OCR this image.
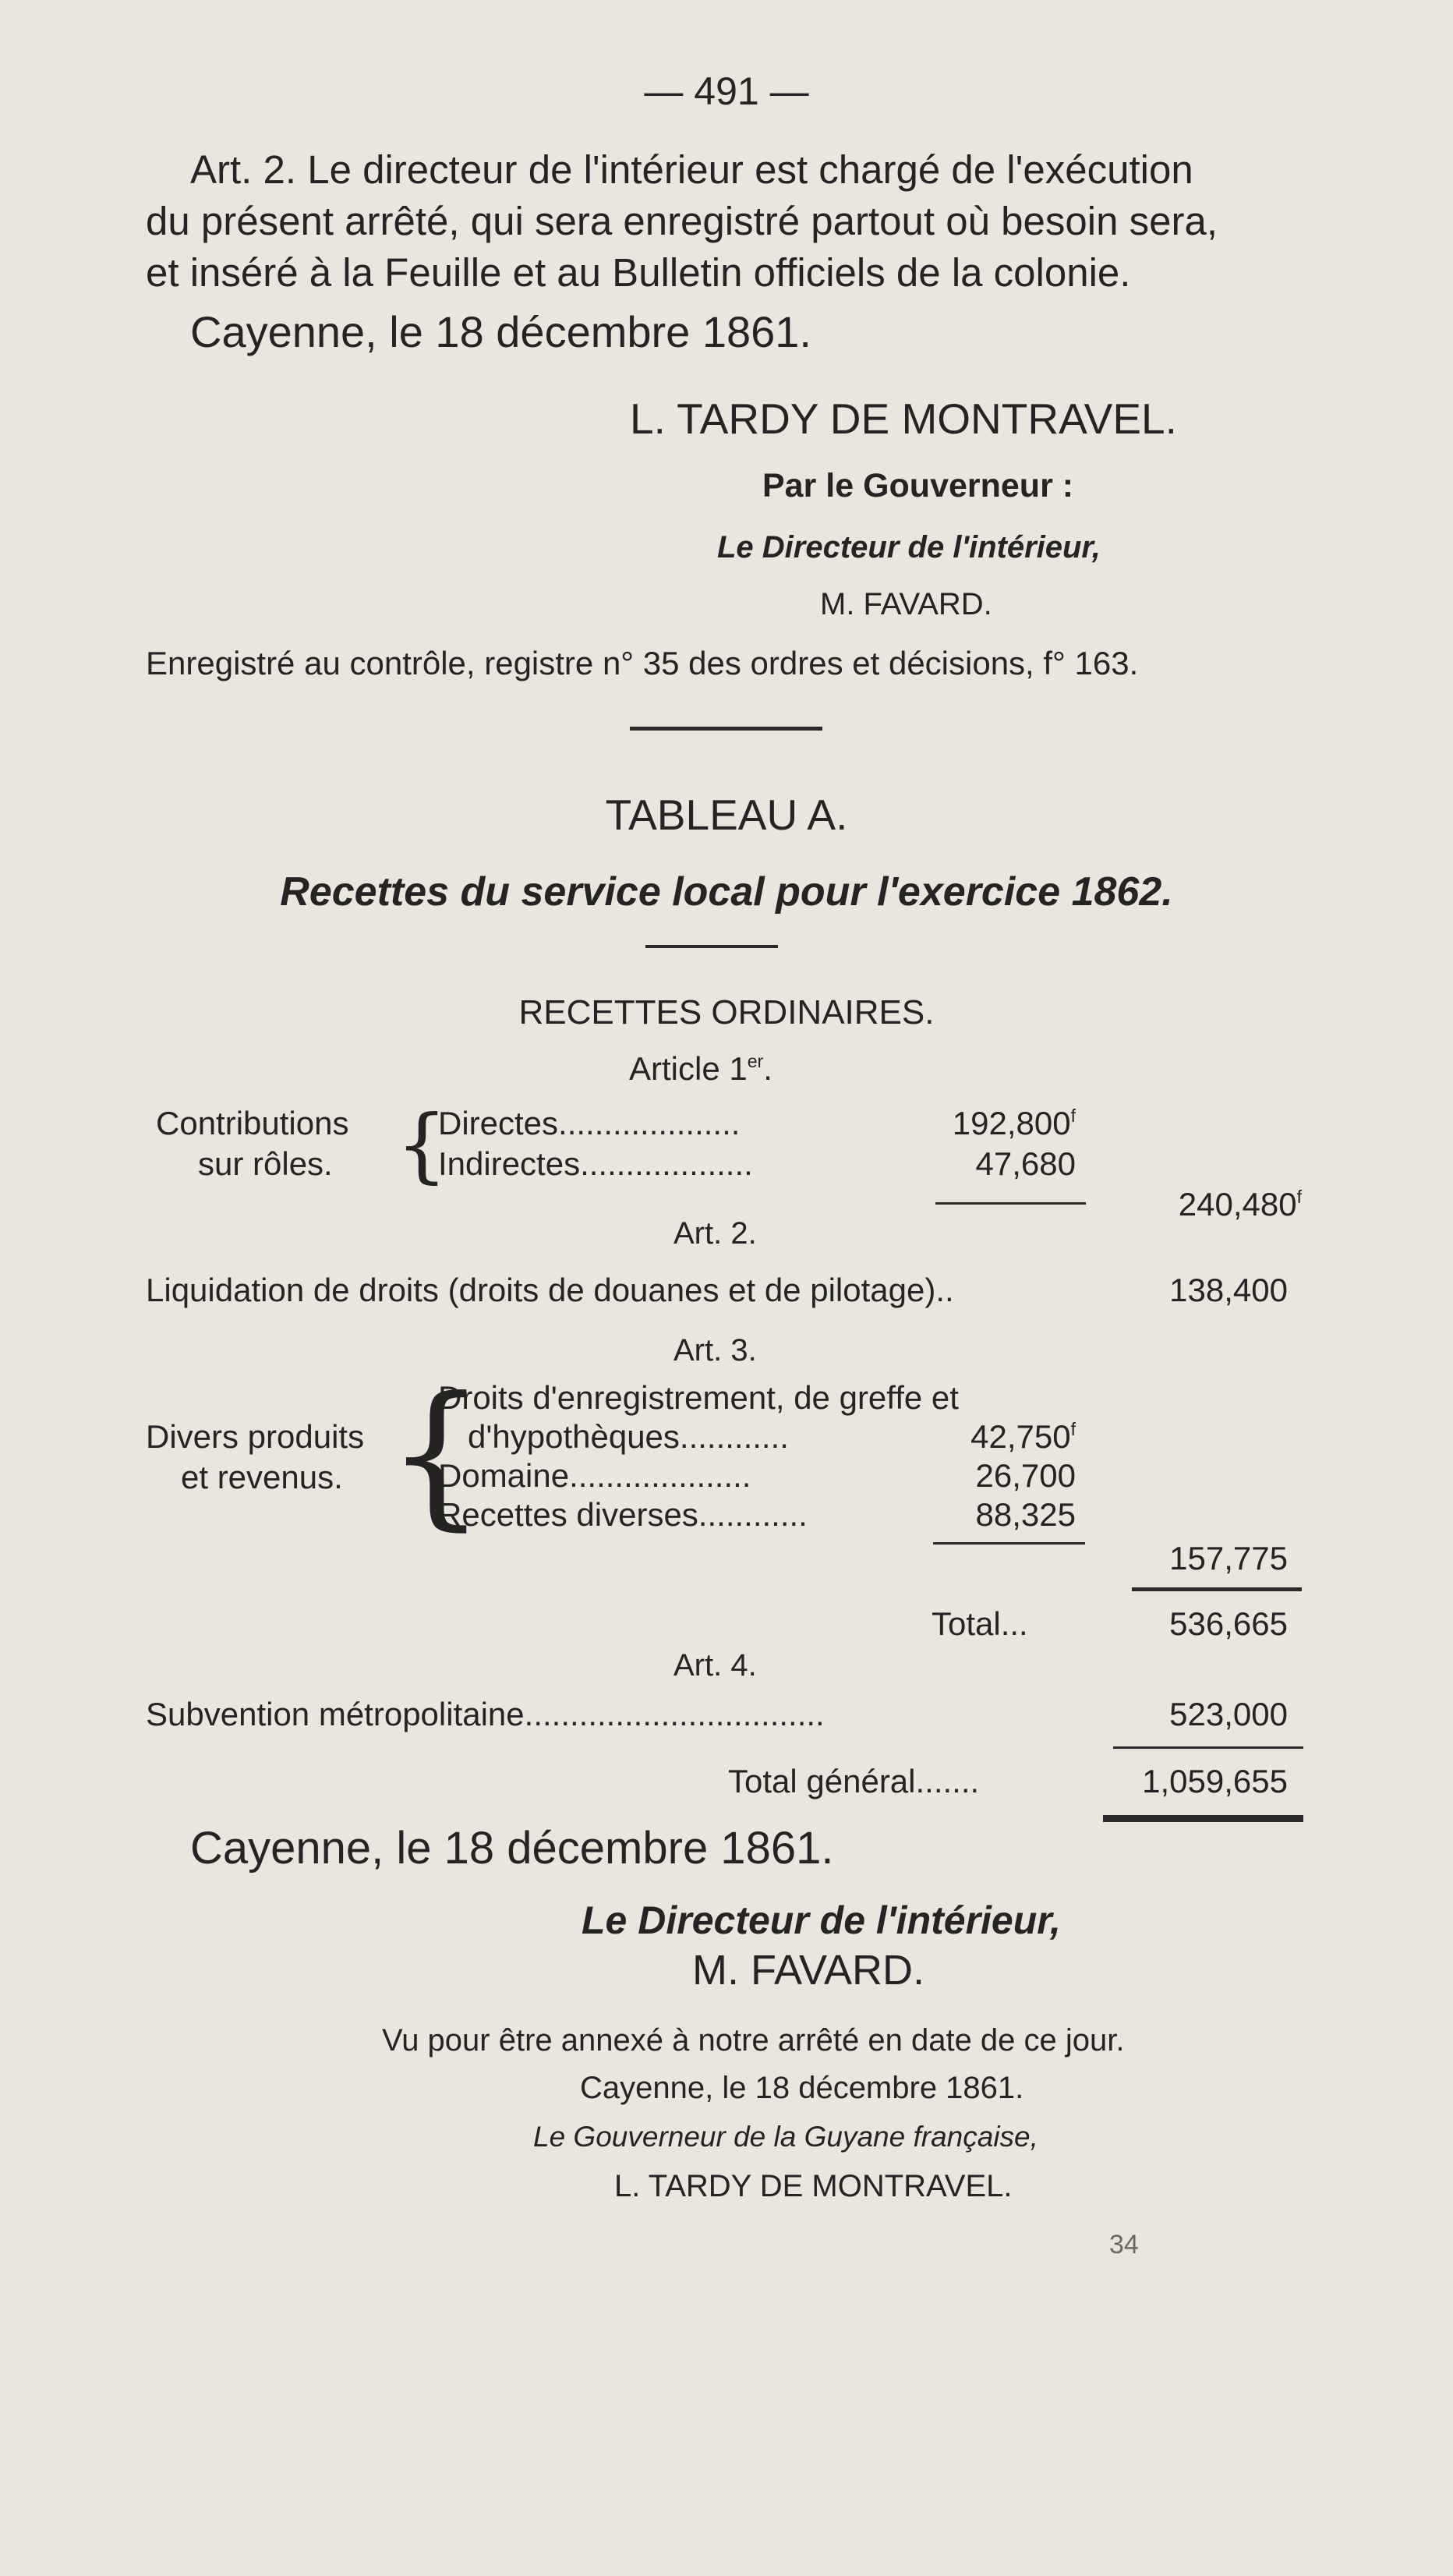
— 491 —
Art. 2. Le directeur de l'intérieur est chargé de l'exécution
du présent arrêté, qui sera enregistré partout où besoin sera,
et inséré à la Feuille et au Bulletin officiels de la colonie.
Cayenne, le 18 décembre 1861.
L. TARDY DE MONTRAVEL.
Par le Gouverneur :
Le Directeur de l'intérieur,
M. FAVARD.
Enregistré au contrôle, registre n° 35 des ordres et décisions, f° 163.
TABLEAU A.
Recettes du service local pour l'exercice 1862.
RECETTES ORDINAIRES.
Article 1er.
Contributions
sur rôles. {
Directes....................	192,800$^f$
Indirectes...................	47,680
240,480$^f$
Art. 2.
Liquidation de droits (droits de douanes et de pilotage)..	138,400
Art. 3.
Divers produits
et revenus. {
Droits d'enregistrement, de greffe et
d'hypothèques............	42,750$^f$
Domaine....................	26,700
Recettes diverses............	88,325
157,775
Total...	536,665
Art. 4.
Subvention métropolitaine.................................	523,000
Total général.......	1,059,655
Cayenne, le 18 décembre 1861.
Le Directeur de l'intérieur,
M. FAVARD.
Vu pour être annexé à notre arrêté en date de ce jour.
Cayenne, le 18 décembre 1861.
Le Gouverneur de la Guyane française,
L. TARDY DE MONTRAVEL.
34
